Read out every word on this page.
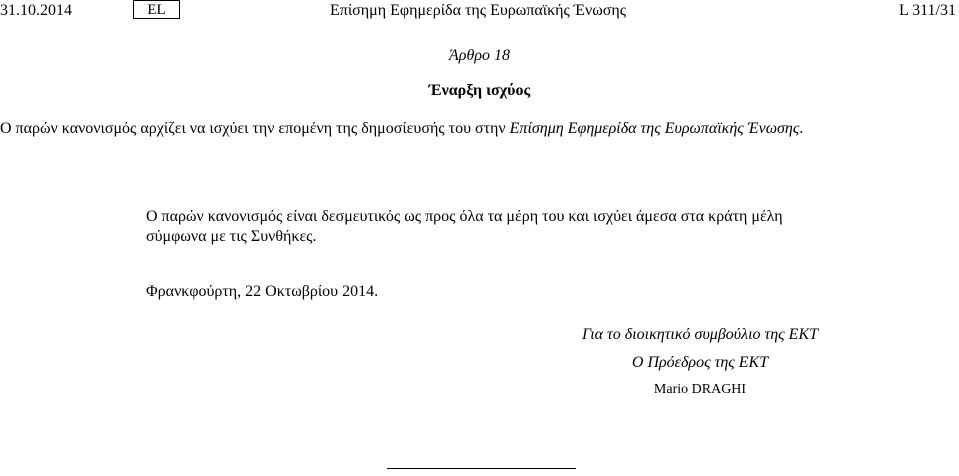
31.10.2014	EL	Επίσημη Εφημερίδα της Ευρωπαϊκής Ένωσης	L 311/31
Άρθρο 18
Έναρξη ισχύος
Ο παρών κανονισμός αρχίζει να ισχύει την επομένη της δημοσίευσής του στην Επίσημη Εφημερίδα της Ευρωπαϊκής Ένωσης.
Ο παρών κανονισμός είναι δεσμευτικός ως προς όλα τα μέρη του και ισχύει άμεσα στα κράτη μέλη
σύμφωνα με τις Συνθήκες.
Φρανκφούρτη, 22 Οκτωβρίου 2014.
Για το διοικητικό συμβούλιο της ΕΚΤ
Ο Πρόεδρος της ΕΚΤ
Mario DRAGHI
